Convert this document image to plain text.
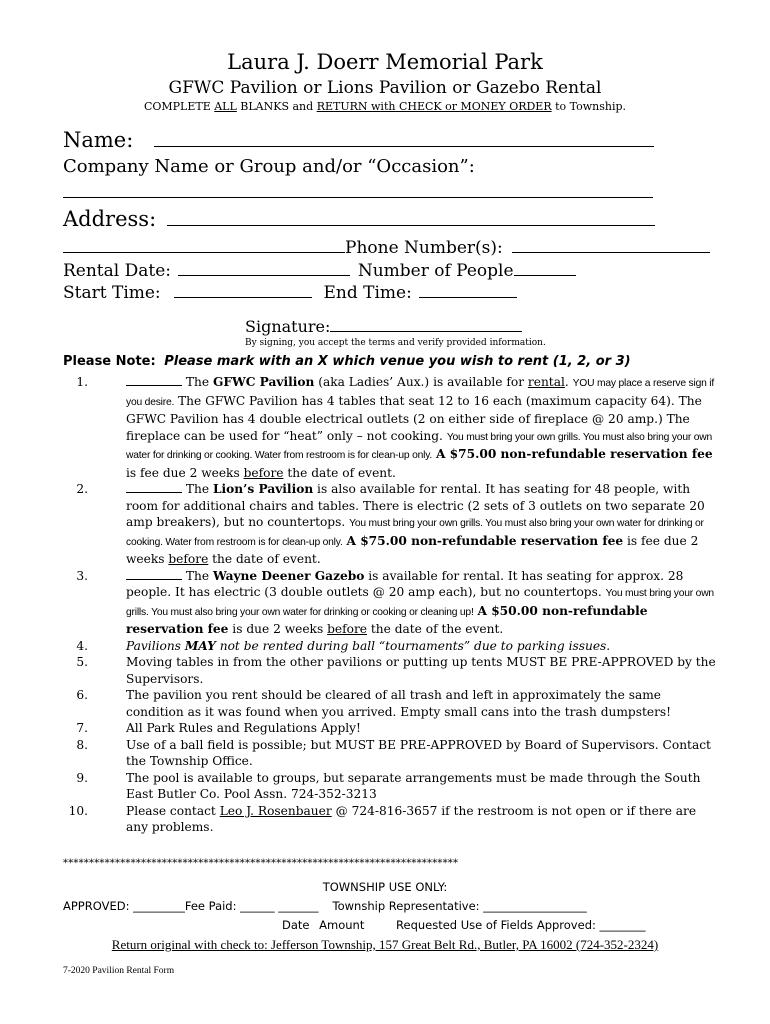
Laura J. Doerr Memorial Park
GFWC Pavilion or Lions Pavilion or Gazebo Rental
COMPLETE ALL BLANKS and RETURN with CHECK or MONEY ORDER to Township.
Name:
Company Name or Group and/or “Occasion”:
Address:
Phone Number(s):
Rental Date:	Number of People
Start Time:	End Time:
Signature:
By signing, you accept the terms and verify provided information.
Please Note: Please mark with an X which venue you wish to rent (1, 2, or 3)
1.	The GFWC Pavilion (aka Ladies’ Aux.) is available for rental. YOU may place a reserve sign if you desire. The GFWC Pavilion has 4 tables that seat 12 to 16 each (maximum capacity 64). The GFWC Pavilion has 4 double electrical outlets (2 on either side of fireplace @ 20 amp.) The fireplace can be used for “heat” only – not cooking. You must bring your own grills. You must also bring your own water for drinking or cooking. Water from restroom is for clean-up only. A $75.00 non-refundable reservation fee is fee due 2 weeks before the date of event.
2.	The Lion’s Pavilion is also available for rental. It has seating for 48 people, with room for additional chairs and tables. There is electric (2 sets of 3 outlets on two separate 20 amp breakers), but no countertops. You must bring your own grills. You must also bring your own water for drinking or cooking. Water from restroom is for clean-up only. A $75.00 non-refundable reservation fee is fee due 2 weeks before the date of event.
3.	The Wayne Deener Gazebo is available for rental. It has seating for approx. 28 people. It has electric (3 double outlets @ 20 amp each), but no countertops. You must bring your own grills. You must also bring your own water for drinking or cooking or cleaning up! A $50.00 non-refundable reservation fee is due 2 weeks before the date of the event.
4.	Pavilions MAY not be rented during ball “tournaments” due to parking issues.
5.	Moving tables in from the other pavilions or putting up tents MUST BE PRE-APPROVED by the Supervisors.
6.	The pavilion you rent should be cleared of all trash and left in approximately the same condition as it was found when you arrived. Empty small cans into the trash dumpsters!
7.	All Park Rules and Regulations Apply!
8.	Use of a ball field is possible; but MUST BE PRE-APPROVED by Board of Supervisors. Contact the Township Office.
9.	The pool is available to groups, but separate arrangements must be made through the South East Butler Co. Pool Assn. 724-352-3213
10.	Please contact Leo J. Rosenbauer @ 724-816-3657 if the restroom is not open or if there are any problems.
****************************************************************************
TOWNSHIP USE ONLY:
APPROVED: _________Fee Paid: ______ _______ Township Representative: __________________
Date Amount	Requested Use of Fields Approved: ________
Return original with check to: Jefferson Township, 157 Great Belt Rd., Butler, PA 16002 (724-352-2324)
7-2020 Pavilion Rental Form
